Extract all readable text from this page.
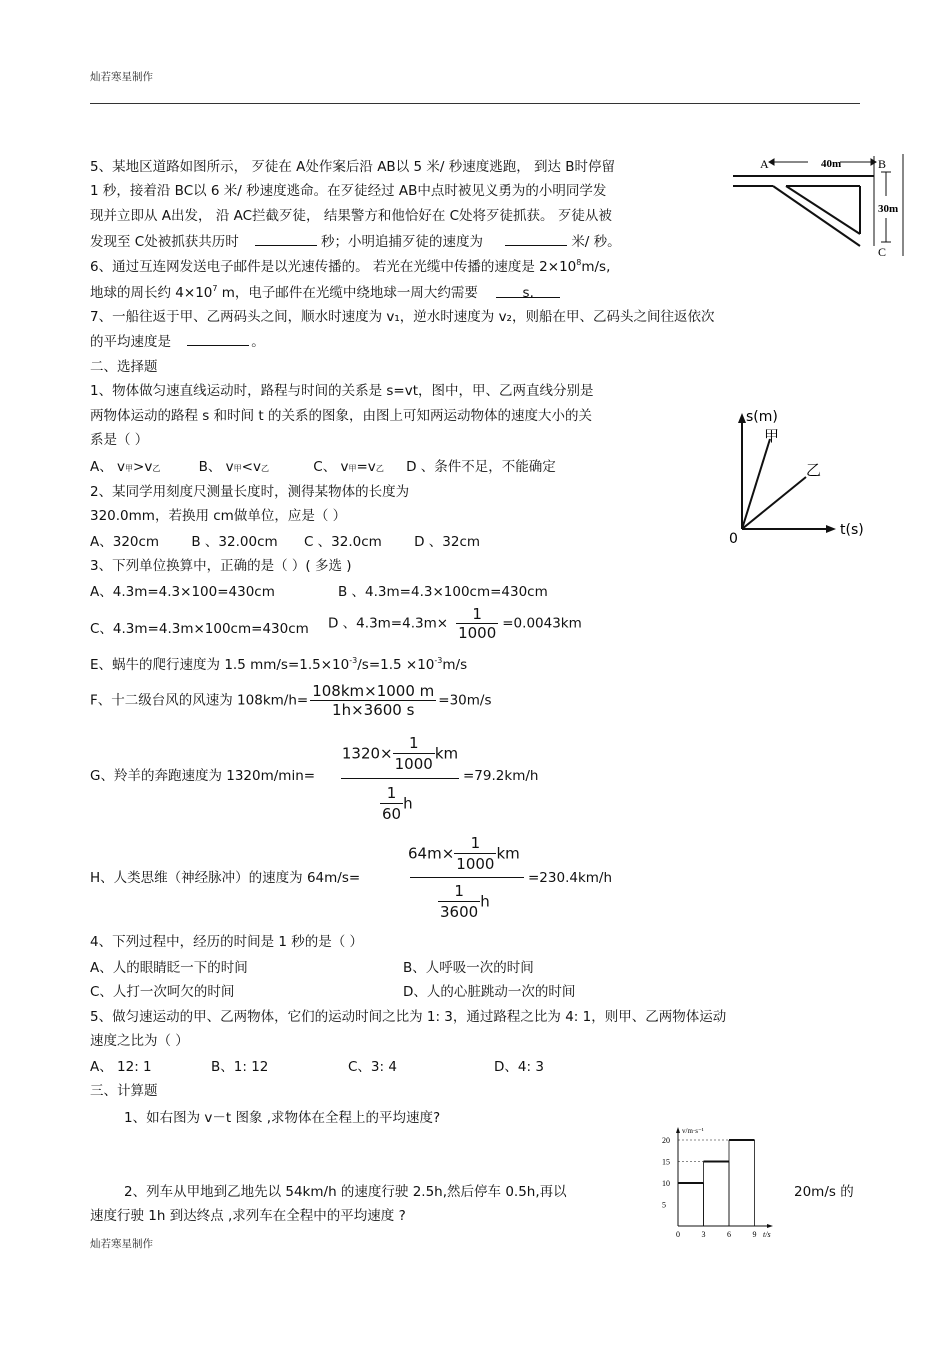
灿若寒星制作
5、某地区道路如图所示， 歹徒在 A处作案后沿 AB以 5 米/ 秒速度逃跑， 到达 B时停留
1 秒，接着沿 BC以 6 米/ 秒速度逃命。在歹徒经过 AB中点时被见义勇为的小明同学发
现并立即从 A出发， 沿 AC拦截歹徒， 结果警方和他恰好在 C处将歹徒抓获。 歹徒从被
发现至 C处被抓获共历时	秒；小明追捕歹徒的速度为	米/ 秒。
A	40m	B
C
30m
6、通过互连网发送电子邮件是以光速传播的。 若光在光缆中传播的速度是 $2\times 10^8m/s$,
地球的周长约 $4\times 10^7$ m，电子邮件在光缆中绕地球一周大约需要	s.
7、一船往返于甲、乙两码头之间，顺水时速度为 v₁，逆水时速度为 v₂，则船在甲、乙码头之间往返依次
的平均速度是	。
二、选择题
1、物体做匀速直线运动时，路程与时间的关系是 s=vt，图中，甲、乙两直线分别是
两物体运动的路程 s 和时间 t 的关系的图象，由图上可知两运动物体的速度大小的关
系是（ ）
A、 v甲>v乙	B、 v甲<v乙	C、 v甲=v乙 D 、条件不足，不能确定
s(m)
t(s)
0
甲
乙
2、某同学用刻度尺测量长度时，测得某物体的长度为
320.0mm，若换用 cm做单位，应是（ ）
A、320cm B 、32.00cm C 、32.0cm D 、32cm
3、下列单位换算中，正确的是（ ）( 多选 )
A、4.3m=4.3×100=430cm	B 、4.3m=4.3×100cm=430cm
C、4.3m=4.3m×100cm=430cm D 、$4.3m=4.3m\times \frac{1}{1000} =0.0043km$
E、蜗牛的爬行速度为 1.5 $mm/s=1.5\times 10^{-3}/s=1.5 \times 10^{-3}m/s$
F、十二级台风的风速为 $108km/h= \frac{108km\times 1000 m}{1h\times 3600 s} =30m/s$
G、羚羊的奔跑速度为 1320m/min=
$1320\times \frac{1}{1000}$ km
$\frac{1}{60}$ h
=79.2km/h
H、人类思维（神经脉冲）的速度为 64m/s=
$64m\times \frac{1}{1000}$ km
$\frac{1}{3600}$ h
=230.4km/h
4、下列过程中，经历的时间是 1 秒的是（ ）
A、人的眼睛眨一下的时间	B、人呼吸一次的时间
C、人打一次呵欠的时间	D、人的心脏跳动一次的时间
5、做匀速运动的甲、乙两物体，它们的运动时间之比为 1: 3，通过路程之比为 4: 1，则甲、乙两物体运动
速度之比为（ ）
A、 12: 1	B、1: 12	C、3: 4	D、4: 3
三、计算题
1、如右图为 v－t 图象 ,求物体在全程上的平均速度?
2、列车从甲地到乙地先以 54km/h 的速度行驶 2.5h,然后停车 0.5h,再以	20m/s 的
速度行驶 1h 到达终点 ,求列车在全程中的平均速度 ?
v/m·s⁻¹
t/s
20
15
10
5
0	3	6	9
灿若寒星制作
